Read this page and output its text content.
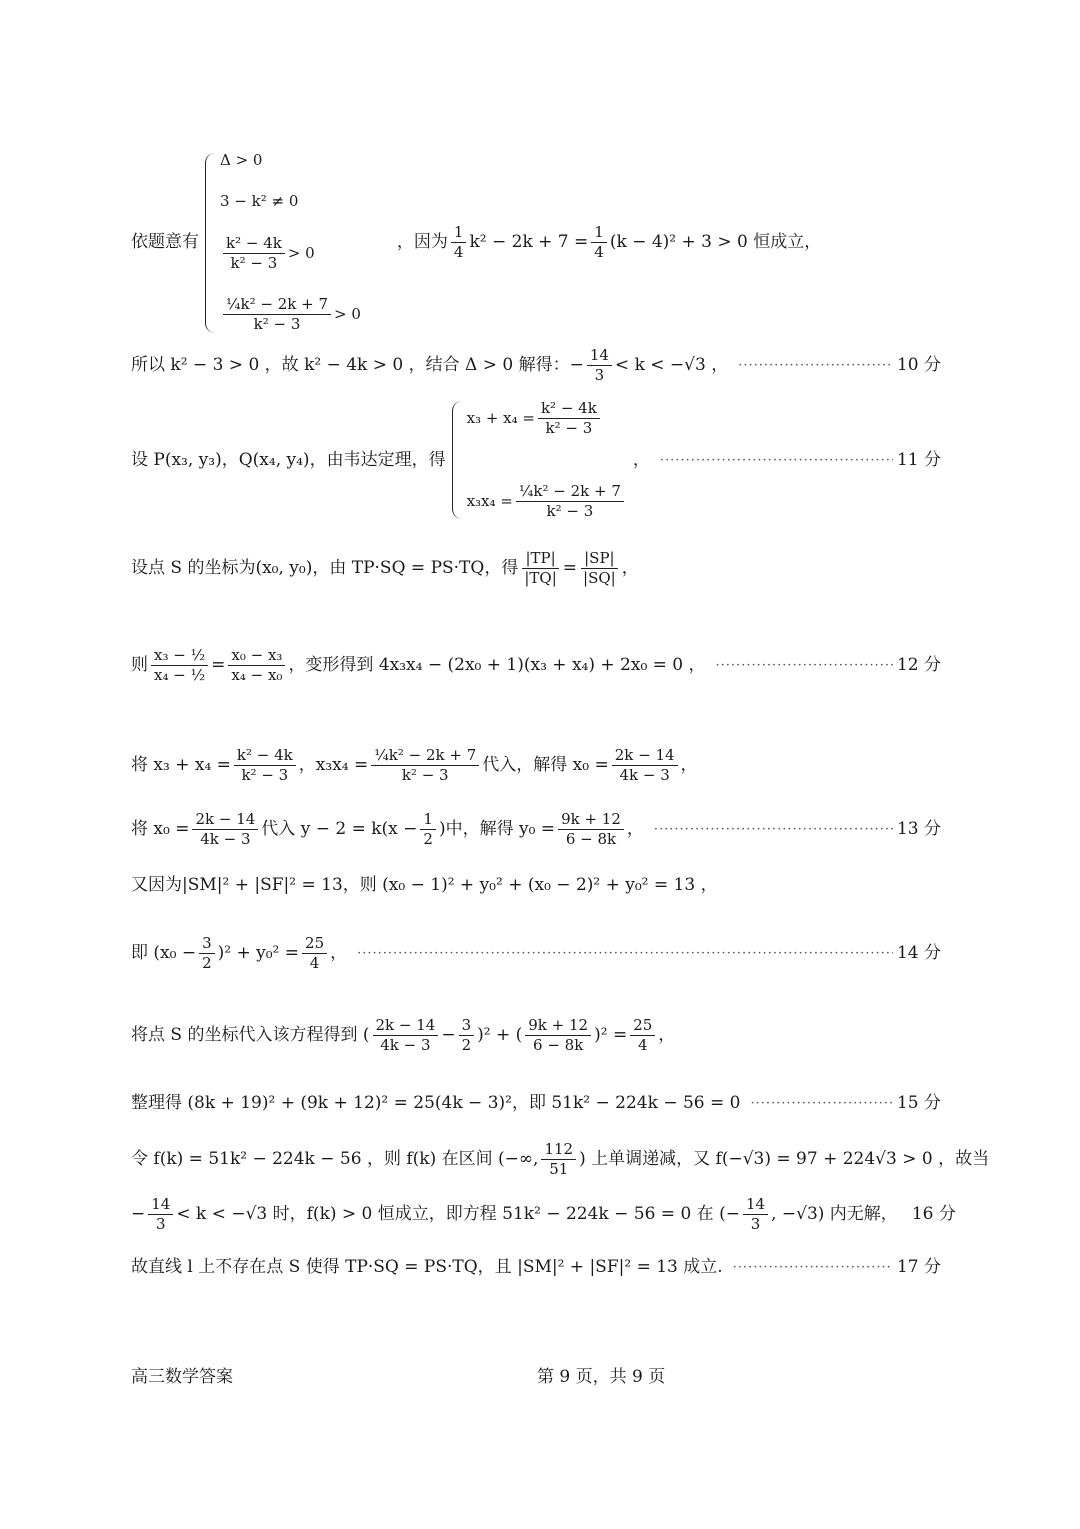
依题意有
Δ > 0
3 − k² ≠ 0
$\frac{\text{k² − 4k}}{\text{k² − 3}} > 0$
$\frac{\text{¼k² − 2k + 7}}{\text{k² − 3}} > 0$
，因为 $\frac{1}{4} k^2 - 2k + 7 = \frac{1}{4} (k - 4)^2 + 3 > 0$ 恒成立，
所以 k² − 3 > 0 ，故 k² − 4k > 0 ，结合 Δ > 0 解得：− $\frac{14}{3} < k < -√3$ ， ·····	10 分
设 P(x₃, y₃)，Q(x₄, y₄)，由韦达定理，得
$x_3 + x_4 = \frac{\text{k² − 4k}}{\text{k² − 3}}$
$x_3x_4 = \frac{\text{¼k² − 2k + 7}}{\text{k² − 3}}$
， ·····	11 分
设点 S 的坐标为(x₀, y₀)，由 TP·SQ = PS·TQ，得 $\frac{|TP|}{|TQ|} = \frac{|SP|}{|SQ|}$ ，
则 $\frac{\text{x₃ − ½}}{\text{x₄ − ½}} = \frac{\text{x₀ − x₃}}{\text{x₄ − x₀}}$ ，变形得到 4x₃x₄ − (2x₀ + 1)(x₃ + x₄) + 2x₀ = 0 ， ·····	12 分
将 $x_3 + x_4 = \frac{\text{k² − 4k}}{\text{k² − 3}}$ ，$x_3x_4 = \frac{\text{¼k² − 2k + 7}}{\text{k² − 3}}$ 代入，解得 $x_0 = \frac{2k - 14}{4k - 3}$ ，
将 $x_0 = \frac{2k - 14}{4k - 3}$ 代入 $y - 2 = k(x - \frac{1}{2}$ )中，解得 $y_0 = \frac{9k + 12}{6 - 8k}$ ， ·····	13 分
又因为|SM|² + |SF|² = 13，则 (x₀ − 1)² + y₀² + (x₀ − 2)² + y₀² = 13 ，
即 $(x_0 - \frac{3}{2} )^2 + y_0^2 = \frac{25}{4}$ ， ·····	14 分
将点 S 的坐标代入该方程得到 ( $\frac{2k - 14}{4k - 3} - \frac{3}{2} )^2$ + ( $\frac{9k + 12}{6 - 8k} )^2 = \frac{25}{4}$ ，
整理得 (8k + 19)² + (9k + 12)² = 25(4k − 3)²，即 51k² − 224k − 56 = 0 ·····	15 分
令 f(k) = 51k² − 224k − 56 ，则 f(k) 在区间 (−∞, $\frac{112}{51}$ ) 上单调递减，又 f(−√3) = 97 + 224√3 > 0 ，故当
− $\frac{14}{3} < k < -√3$ 时，f(k) > 0 恒成立，即方程 51k² − 224k − 56 = 0 在 (− $\frac{14}{3}$ , −√3) 内无解， 16 分
故直线 l 上不存在点 S 使得 TP·SQ = PS·TQ，且 |SM|² + |SF|² = 13 成立. ·····	17 分
高三数学答案	第 9 页，共 9 页
